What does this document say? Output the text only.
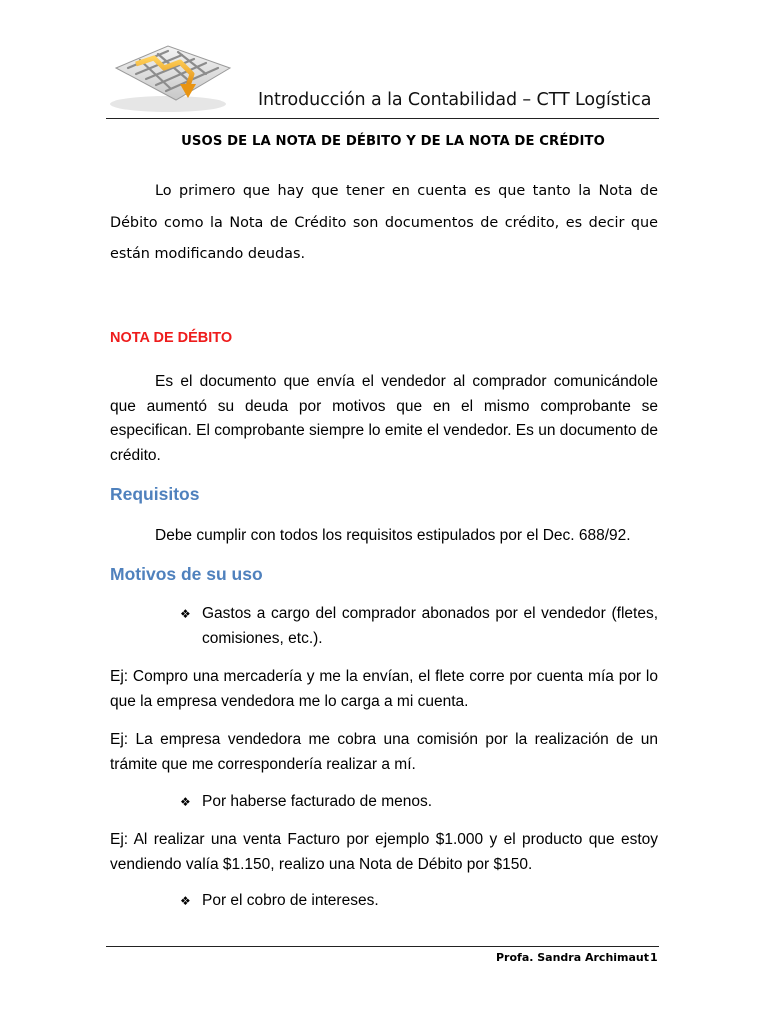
Introducción a la Contabilidad – CTT Logística
USOS DE LA NOTA DE DÉBITO Y DE LA NOTA DE CRÉDITO
Lo primero que hay que tener en cuenta es que tanto la Nota de Débito como la Nota de Crédito son documentos de crédito, es decir que están modificando deudas.
NOTA DE DÉBITO
Es el documento que envía el vendedor al comprador comunicándole que aumentó su deuda por motivos que en el mismo comprobante se especifican. El comprobante siempre lo emite el vendedor. Es un documento de crédito.
Requisitos
Debe cumplir con todos los requisitos estipulados por el Dec. 688/92.
Motivos de su uso
❖ Gastos a cargo del comprador abonados por el vendedor (fletes, comisiones, etc.).
Ej: Compro una mercadería y me la envían, el flete corre por cuenta mía por lo que la empresa vendedora me lo carga a mi cuenta.
Ej: La empresa vendedora me cobra una comisión por la realización de un trámite que me correspondería realizar a mí.
❖ Por haberse facturado de menos.
Ej: Al realizar una venta Facturo por ejemplo $1.000 y el producto que estoy vendiendo valía $1.150, realizo una Nota de Débito por $150.
❖ Por el cobro de intereses.
Profa. Sandra Archimaut 1
